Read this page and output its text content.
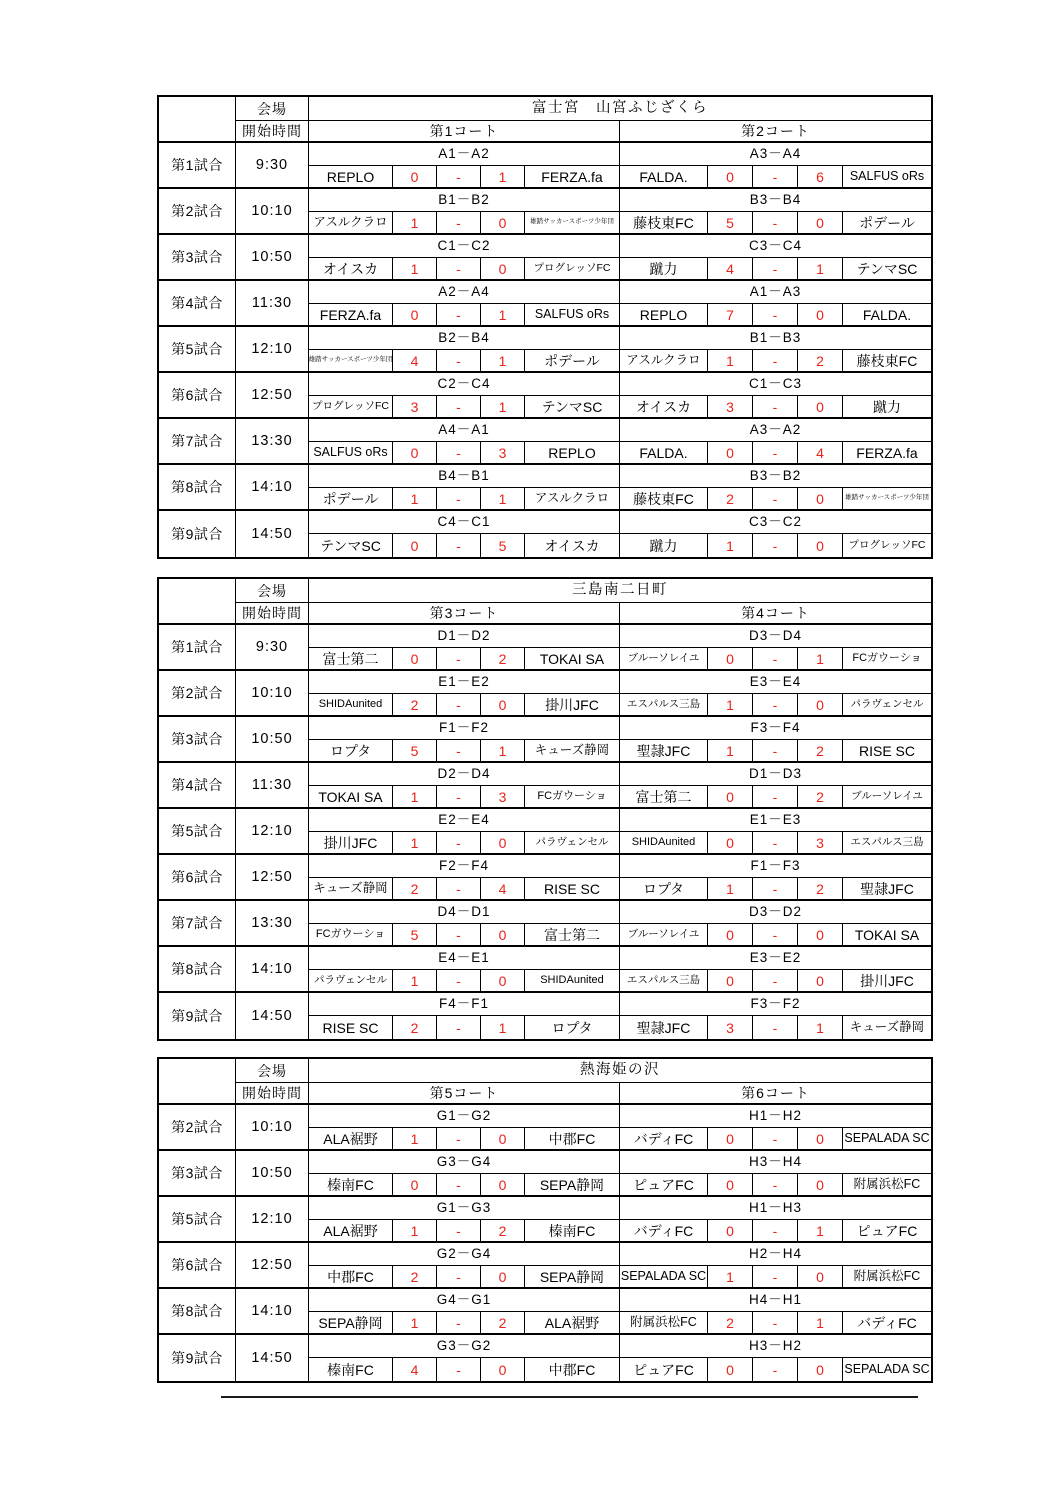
会場	富士宮　山宮ふじざくら
開始時間	第1コート	第2コート
第1試合	9:30
A1－A2	A3－A4
REPLO	0	-	1	FERZA.fa	FALDA.	0	-	6	SALFUS oRs
第2試合	10:10
B1－B2	B3－B4
アスルクラロ	1	-	0	雄踏サッカースポーツ少年団	藤枝東FC	5	-	0	ポデール
第3試合	10:50
C1－C2	C3－C4
オイスカ	1	-	0	プログレッソFC	蹴力	4	-	1	テンマSC
第4試合	11:30
A2－A4	A1－A3
FERZA.fa	0	-	1	SALFUS oRs	REPLO	7	-	0	FALDA.
第5試合	12:10
B2－B4	B1－B3
雄踏サッカースポーツ少年団	4	-	1	ポデール	アスルクラロ	1	-	2	藤枝東FC
第6試合	12:50
C2－C4	C1－C3
プログレッソFC	3	-	1	テンマSC	オイスカ	3	-	0	蹴力
第7試合	13:30
A4－A1	A3－A2
SALFUS oRs	0	-	3	REPLO	FALDA.	0	-	4	FERZA.fa
第8試合	14:10
B4－B1	B3－B2
ポデール	1	-	1	アスルクラロ	藤枝東FC	2	-	0	雄踏サッカースポーツ少年団
第9試合	14:50
C4－C1	C3－C2
テンマSC	0	-	5	オイスカ	蹴力	1	-	0	プログレッソFC
会場	三島南二日町
開始時間	第3コート	第4コート
第1試合	9:30
D1－D2	D3－D4
富士第二	0	-	2	TOKAI SA	ブルーソレイユ	0	-	1	FCガウーショ
第2試合	10:10
E1－E2	E3－E4
SHIDAunited	2	-	0	掛川JFC	エスパルス三島	1	-	0	パラヴェンセル
第3試合	10:50
F1－F2	F3－F4
ロプタ	5	-	1	キューズ静岡	聖隷JFC	1	-	2	RISE SC
第4試合	11:30
D2－D4	D1－D3
TOKAI SA	1	-	3	FCガウーショ	富士第二	0	-	2	ブルーソレイユ
第5試合	12:10
E2－E4	E1－E3
掛川JFC	1	-	0	パラヴェンセル	SHIDAunited	0	-	3	エスパルス三島
第6試合	12:50
F2－F4	F1－F3
キューズ静岡	2	-	4	RISE SC	ロプタ	1	-	2	聖隷JFC
第7試合	13:30
D4－D1	D3－D2
FCガウーショ	5	-	0	富士第二	ブルーソレイユ	0	-	0	TOKAI SA
第8試合	14:10
E4－E1	E3－E2
パラヴェンセル	1	-	0	SHIDAunited	エスパルス三島	0	-	0	掛川JFC
第9試合	14:50
F4－F1	F3－F2
RISE SC	2	-	1	ロプタ	聖隷JFC	3	-	1	キューズ静岡
会場	熱海姫の沢
開始時間	第5コート	第6コート
第2試合	10:10
G1－G2	H1－H2
ALA裾野	1	-	0	中郡FC	バディFC	0	-	0	SEPALADA SC
第3試合	10:50
G3－G4	H3－H4
榛南FC	0	-	0	SEPA静岡	ピュアFC	0	-	0	附属浜松FC
第5試合	12:10
G1－G3	H1－H3
ALA裾野	1	-	2	榛南FC	バディFC	0	-	1	ピュアFC
第6試合	12:50
G2－G4	H2－H4
中郡FC	2	-	0	SEPA静岡	SEPALADA SC	1	-	0	附属浜松FC
第8試合	14:10
G4－G1	H4－H1
SEPA静岡	1	-	2	ALA裾野	附属浜松FC	2	-	1	バディFC
第9試合	14:50
G3－G2	H3－H2
榛南FC	4	-	0	中郡FC	ピュアFC	0	-	0	SEPALADA SC
